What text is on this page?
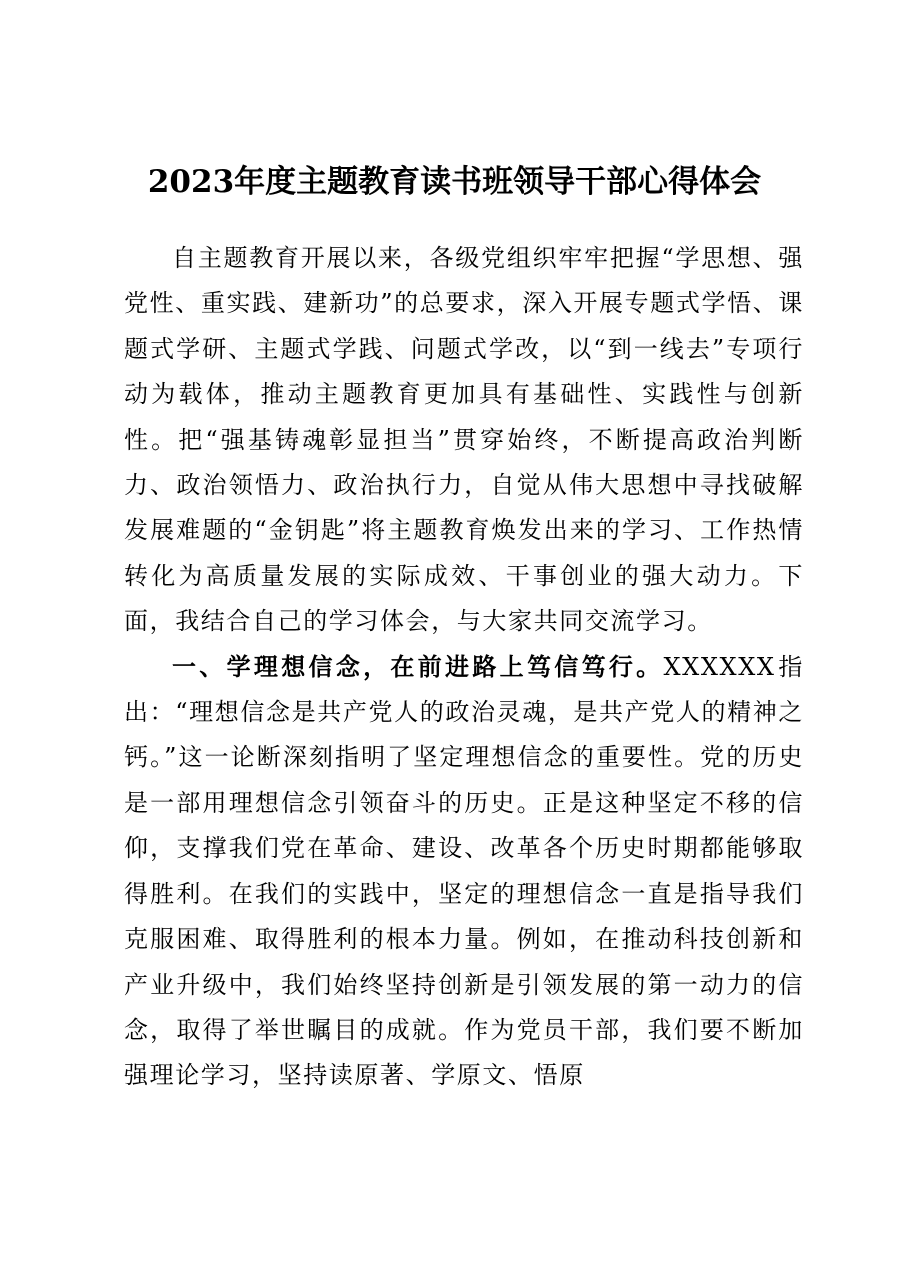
2023年度主题教育读书班领导干部心得体会

自主题教育开展以来，各级党组织牢牢把握“学思想、强党性、重实践、建新功”的总要求，深入开展专题式学悟、课题式学研、主题式学践、问题式学改，以“到一线去”专项行动为载体，推动主题教育更加具有基础性、实践性与创新性。把“强基铸魂彰显担当”贯穿始终，不断提高政治判断力、政治领悟力、政治执行力，自觉从伟大思想中寻找破解发展难题的“金钥匙”将主题教育焕发出来的学习、工作热情转化为高质量发展的实际成效、干事创业的强大动力。下面，我结合自己的学习体会，与大家共同交流学习。

一、学理想信念，在前进路上笃信笃行。XXXXXX指出：“理想信念是共产党人的政治灵魂，是共产党人的精神之钙。”这一论断深刻指明了坚定理想信念的重要性。党的历史是一部用理想信念引领奋斗的历史。正是这种坚定不移的信仰，支撑我们党在革命、建设、改革各个历史时期都能够取得胜利。在我们的实践中，坚定的理想信念一直是指导我们克服困难、取得胜利的根本力量。例如，在推动科技创新和产业升级中，我们始终坚持创新是引领发展的第一动力的信念，取得了举世瞩目的成就。作为党员干部，我们要不断加强理论学习，坚持读原著、学原文、悟原
